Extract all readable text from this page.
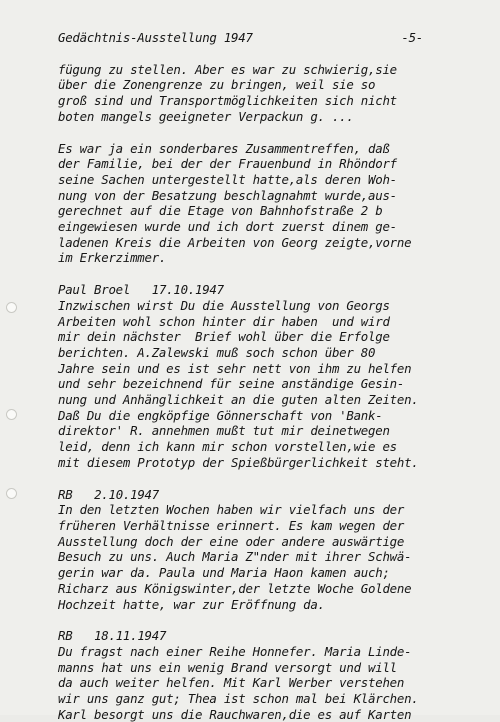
Gedächtnis-Ausstellung 1947	-5-
fügung zu stellen. Aber es war zu schwierig,sie
über die Zonengrenze zu bringen, weil sie so
groß sind und Transportmöglichkeiten sich nicht
boten mangels geeigneter Verpackun g. ...
Es war ja ein sonderbares Zusammentreffen, daß
der Familie, bei der der Frauenbund in Rhöndorf
seine Sachen untergestellt hatte,als deren Woh-
nung von der Besatzung beschlagnahmt wurde,aus-
gerechnet auf die Etage von Bahnhofstraße 2 b
eingewiesen wurde und ich dort zuerst dinem ge-
ladenen Kreis die Arbeiten von Georg zeigte,vorne
im Erkerzimmer.
Paul Broel 17.10.1947
Inzwischen wirst Du die Ausstellung von Georgs
Arbeiten wohl schon hinter dir haben  und wird
mir dein nächster  Brief wohl über die Erfolge
berichten. A.Zalewski muß soch schon über 80
Jahre sein und es ist sehr nett von ihm zu helfen
und sehr bezeichnend für seine anständige Gesin-
nung und Anhänglichkeit an die guten alten Zeiten.
Daß Du die engköpfige Gönnerschaft von 'Bank-
direktor' R. annehmen mußt tut mir deinetwegen
leid, denn ich kann mir schon vorstellen,wie es
mit diesem Prototyp der Spießbürgerlichkeit steht.
RB 2.10.1947
In den letzten Wochen haben wir vielfach uns der
früheren Verhältnisse erinnert. Es kam wegen der
Ausstellung doch der eine oder andere auswärtige
Besuch zu uns. Auch Maria Z"nder mit ihrer Schwä-
gerin war da. Paula und Maria Haon kamen auch;
Richarz aus Königswinter,der letzte Woche Goldene
Hochzeit hatte, war zur Eröffnung da.
RB 18.11.1947
Du fragst nach einer Reihe Honnefer. Maria Linde-
manns hat uns ein wenig Brand versorgt und will
da auch weiter helfen. Mit Karl Werber verstehen
wir uns ganz gut; Thea ist schon mal bei Klärchen.
Karl besorgt uns die Rauchwaren,die es auf Karten
